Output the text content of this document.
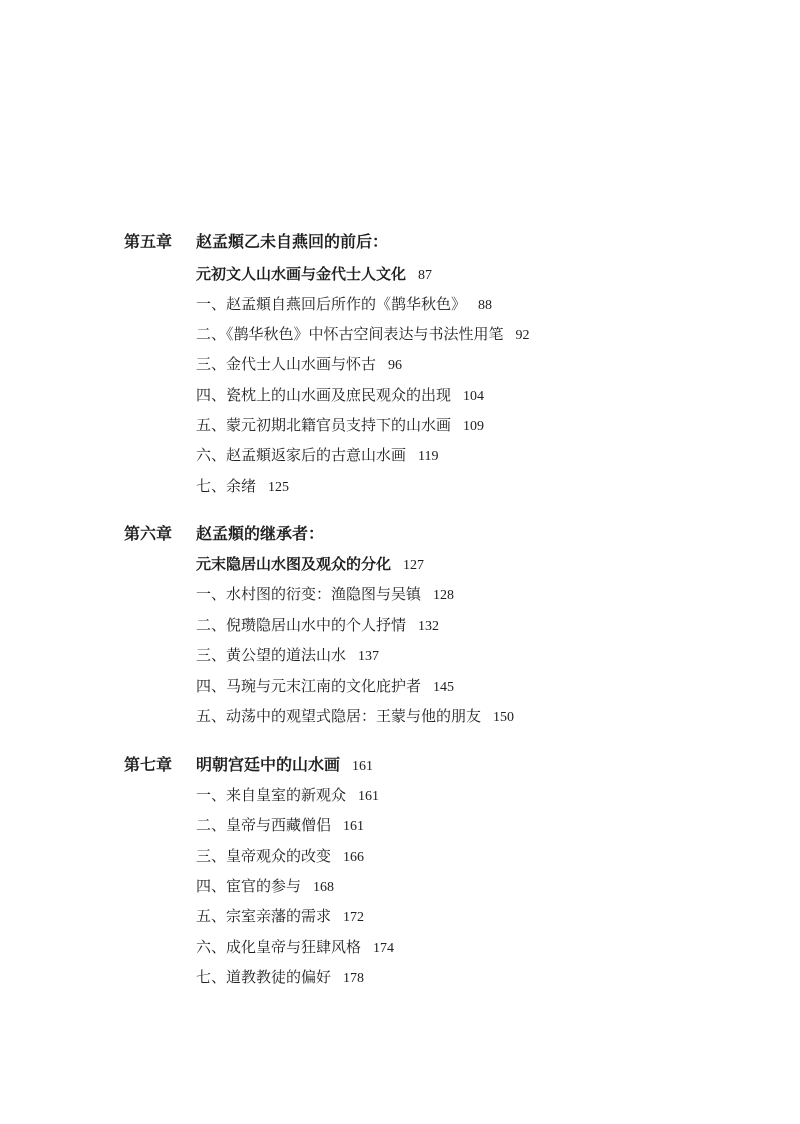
第五章 赵孟頫乙未自燕回的前后：
元初文人山水画与金代士人文化 87
一、赵孟頫自燕回后所作的《鹊华秋色》 88
二、《鹊华秋色》中怀古空间表达与书法性用笔 92
三、金代士人山水画与怀古 96
四、瓷枕上的山水画及庶民观众的出现 104
五、蒙元初期北籍官员支持下的山水画 109
六、赵孟頫返家后的古意山水画 119
七、余绪 125
第六章 赵孟頫的继承者：
元末隐居山水图及观众的分化 127
一、水村图的衍变：渔隐图与吴镇 128
二、倪瓒隐居山水中的个人抒情 132
三、黄公望的道法山水 137
四、马琬与元末江南的文化庇护者 145
五、动荡中的观望式隐居：王蒙与他的朋友 150
第七章 明朝宫廷中的山水画 161
一、来自皇室的新观众 161
二、皇帝与西藏僧侣 161
三、皇帝观众的改变 166
四、宦官的参与 168
五、宗室亲藩的需求 172
六、成化皇帝与狂肆风格 174
七、道教教徒的偏好 178
